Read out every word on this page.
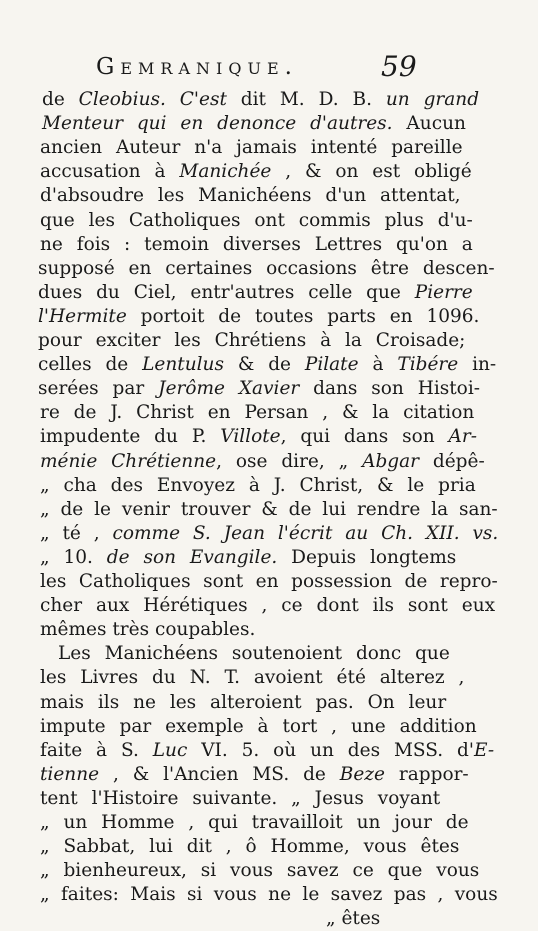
Gemranique.	59
de Cleobius. C'est dit M. D. B. un grand
Menteur qui en denonce d'autres. Aucun
ancien Auteur n'a jamais intenté pareille
accusation à Manichée , & on est obligé
d'absoudre les Manichéens d'un attentat,
que les Catholiques ont commis plus d'u-
ne fois : temoin diverses Lettres qu'on a
supposé en certaines occasions être descen-
dues du Ciel, entr'autres celle que Pierre
l'Hermite portoit de toutes parts en 1096.
pour exciter les Chrétiens à la Croisade;
celles de Lentulus & de Pilate à Tibére in-
serées par Jerôme Xavier dans son Histoi-
re de J. Christ en Persan , & la citation
impudente du P. Villote, qui dans son Ar-
ménie Chrétienne, ose dire, „ Abgar dépê-
„ cha des Envoyez à J. Christ, & le pria
„ de le venir trouver & de lui rendre la san-
„ té , comme S. Jean l'écrit au Ch. XII. vs.
„ 10. de son Evangile. Depuis longtems
les Catholiques sont en possession de repro-
cher aux Hérétiques , ce dont ils sont eux
mêmes très coupables.
Les Manichéens soutenoient donc que
les Livres du N. T. avoient été alterez ,
mais ils ne les alteroient pas. On leur
impute par exemple à tort , une addition
faite à S. Luc VI. 5. où un des MSS. d'E-
tienne , & l'Ancien MS. de Beze rappor-
tent l'Histoire suivante. „ Jesus voyant
„ un Homme , qui travailloit un jour de
„ Sabbat, lui dit , ô Homme, vous êtes
„ bienheureux, si vous savez ce que vous
„ faites: Mais si vous ne le savez pas , vous
„ êtes
